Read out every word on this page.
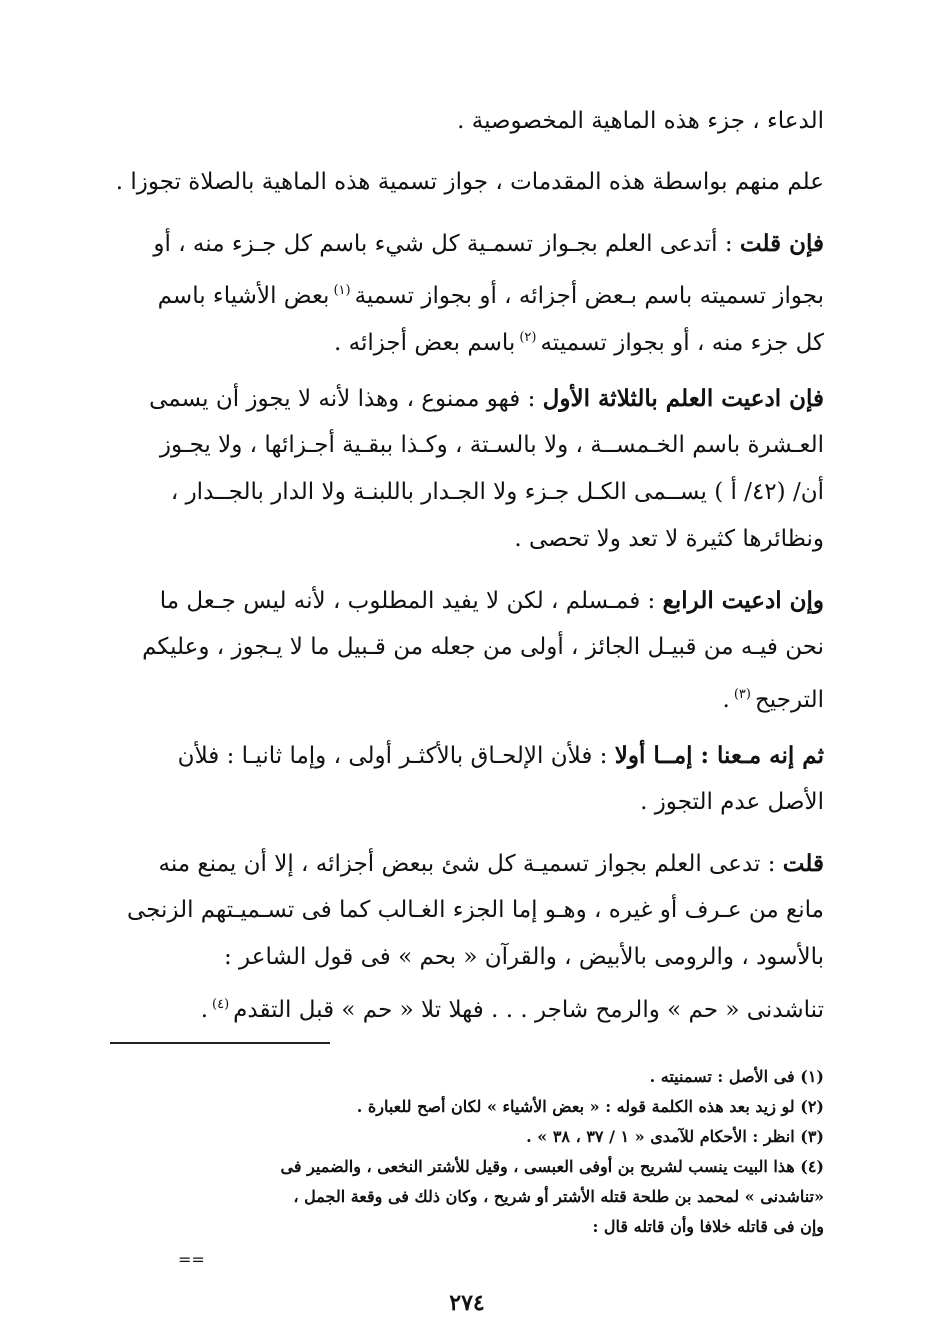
الدعاء ، جزء هذه الماهية المخصوصية .
علم منهم بواسطة هذه المقدمات ، جواز تسمية هذه الماهية بالصلاة تجوزا .
فإن قلت : أتدعى العلم بجـواز تسمـية كل شيء باسم كل جـزء منه ، أو
بجواز تسميته باسم بـعض أجزائه ، أو بجواز تسمية$^{(١)}$بعض الأشياء باسم
كل جزء منه ، أو بجواز تسميته$^{(٢)}$باسم بعض أجزائه .
فإن ادعيت العلم بالثلاثة الأول : فهو ممنوع ، وهذا لأنه لا يجوز أن يسمى
العـشرة باسم الخـمســة ، ولا بالسـتة ، وكـذا ببقـية أجـزائها ، ولا يجـوز
أن/ (٤٢/ أ ) يســمى الكـل جـزء ولا الجـدار باللبنـة ولا الدار بالجــدار ،
ونظائرها كثيرة لا تعد ولا تحصى .
وإن ادعيت الرابع : فمـسلم ، لكن لا يفيد المطلوب ، لأنه ليس جـعل ما
نحن فيـه من قبيـل الجائز ، أولى من جعله من قـبيل ما لا يـجوز ، وعليكم
الترجيح$^{(٣)}$.
ثم إنه مـعنا : إمــا أولا : فلأن الإلحـاق بالأكثـر أولى ، وإما ثانيـا : فلأن
الأصل عدم التجوز .
قلت : تدعى العلم بجواز تسميـة كل شئ ببعض أجزائه ، إلا أن يمنع منه
مانع من عـرف أو غيره ، وهـو إما الجزء الغـالب كما فى تسـميـتهم الزنجى
بالأسود ، والرومى بالأبيض ، والقرآن « بحم » فى قول الشاعر :
تناشدنى « حم » والرمح شاجر . . . فهلا تلا « حم » قبل التقدم$^{(٤)}$.
(١) فى الأصل : تسمنيته .
(٢) لو زيد بعد هذه الكلمة قوله : « بعض الأشياء » لكان أصح للعبارة .
(٣) انظر : الأحكام للآمدى « ١ / ٣٧ ، ٣٨ » .
(٤) هذا البيت ينسب لشريح بن أوفى العبسى ، وقيل للأشتر النخعى ، والضمير فى
«تناشدنى » لمحمد بن طلحة قتله الأشتر أو شريح ، وكان ذلك فى وقعة الجمل ،
وإن فى قاتله خلافا وأن قاتله قال :
==
٢٧٤
